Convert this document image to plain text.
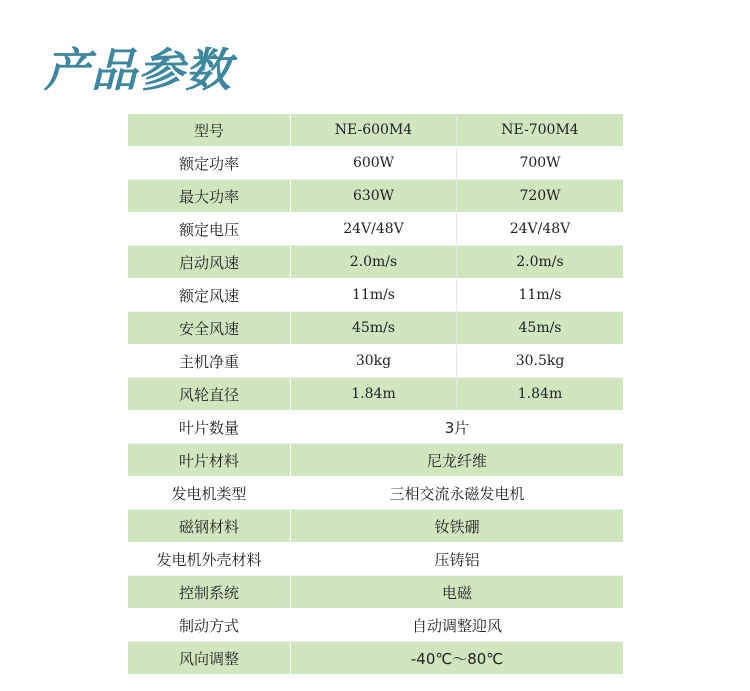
产品参数
型号	NE-600M4	NE-700M4
额定功率	600W	700W
最大功率	630W	720W
额定电压	24V/48V	24V/48V
启动风速	2.0m/s	2.0m/s
额定风速	11m/s	11m/s
安全风速	45m/s	45m/s
主机净重	30kg	30.5kg
风轮直径	1.84m	1.84m
叶片数量	3片	
叶片材料	尼龙纤维	
发电机类型	三相交流永磁发电机	
磁钢材料	钕铁硼	
发电机外壳材料	压铸铝	
控制系统	电磁	
制动方式	自动调整迎风	
风向调整	-40℃～80℃	
